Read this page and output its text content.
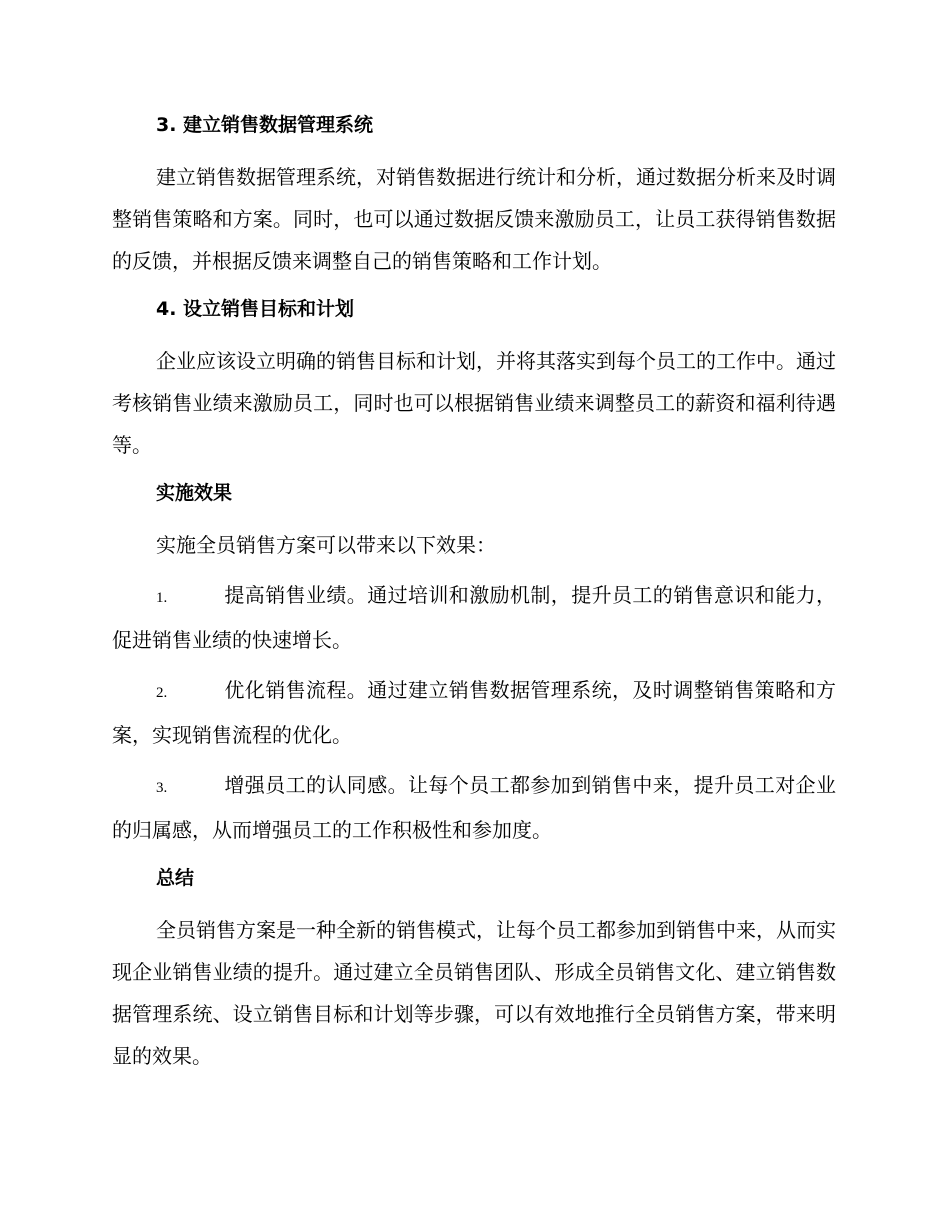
3. 建立销售数据管理系统

建立销售数据管理系统，对销售数据进行统计和分析，通过数据分析来及时调整销售策略和方案。同时，也可以通过数据反馈来激励员工，让员工获得销售数据的反馈，并根据反馈来调整自己的销售策略和工作计划。

4. 设立销售目标和计划

企业应该设立明确的销售目标和计划，并将其落实到每个员工的工作中。通过考核销售业绩来激励员工，同时也可以根据销售业绩来调整员工的薪资和福利待遇等。

实施效果

实施全员销售方案可以带来以下效果：

1.	提高销售业绩。通过培训和激励机制，提升员工的销售意识和能力，促进销售业绩的快速增长。

2.	优化销售流程。通过建立销售数据管理系统，及时调整销售策略和方案，实现销售流程的优化。

3.	增强员工的认同感。让每个员工都参加到销售中来，提升员工对企业的归属感，从而增强员工的工作积极性和参加度。

总结

全员销售方案是一种全新的销售模式，让每个员工都参加到销售中来，从而实现企业销售业绩的提升。通过建立全员销售团队、形成全员销售文化、建立销售数据管理系统、设立销售目标和计划等步骤，可以有效地推行全员销售方案，带来明显的效果。
